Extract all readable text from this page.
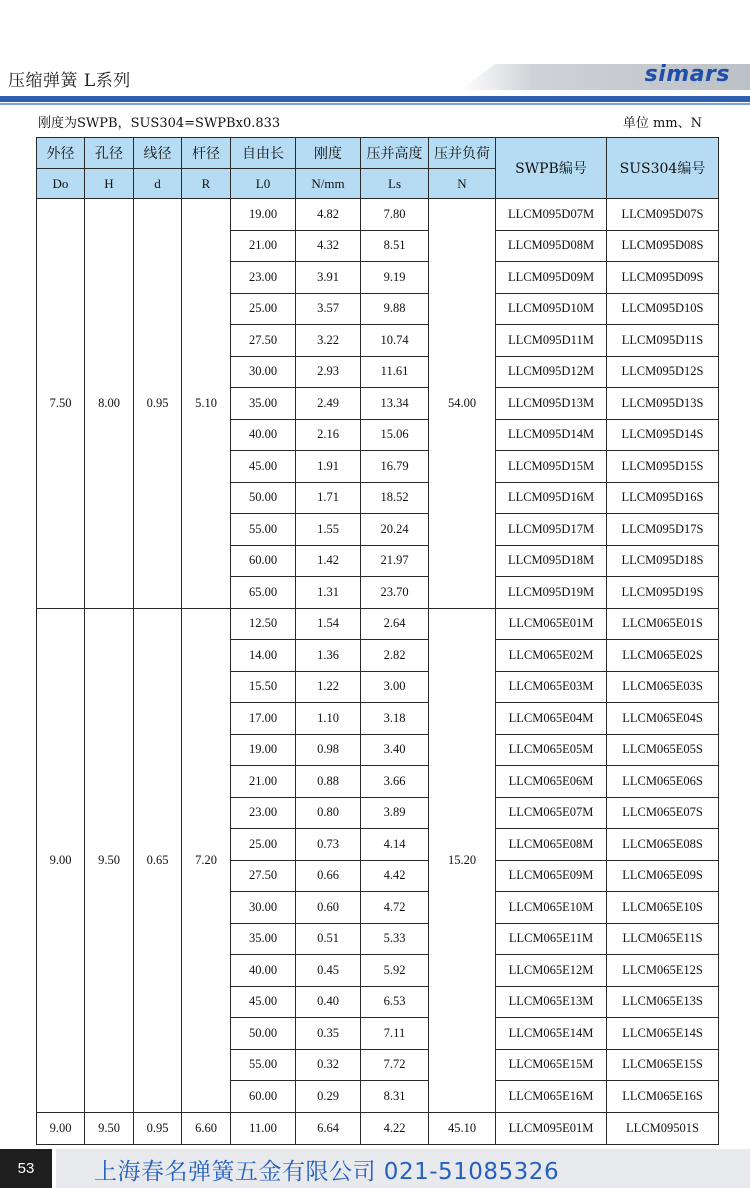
压缩弹簧 L系列	simars
刚度为SWPB，SUS304=SWPBx0.833	单位 mm、N
外径	孔径	线径	杆径	自由长	刚度	压并高度	压并负荷	SWPB编号	SUS304编号
Do	H	d	R	L0	N/mm	Ls	N		
7.50	8.00	0.95	5.10	19.00	4.82	7.80	54.00	LLCM095D07M	LLCM095D07S
				21.00	4.32	8.51		LLCM095D08M	LLCM095D08S
				23.00	3.91	9.19		LLCM095D09M	LLCM095D09S
				25.00	3.57	9.88		LLCM095D10M	LLCM095D10S
				27.50	3.22	10.74		LLCM095D11M	LLCM095D11S
				30.00	2.93	11.61		LLCM095D12M	LLCM095D12S
				35.00	2.49	13.34		LLCM095D13M	LLCM095D13S
				40.00	2.16	15.06		LLCM095D14M	LLCM095D14S
				45.00	1.91	16.79		LLCM095D15M	LLCM095D15S
				50.00	1.71	18.52		LLCM095D16M	LLCM095D16S
				55.00	1.55	20.24		LLCM095D17M	LLCM095D17S
				60.00	1.42	21.97		LLCM095D18M	LLCM095D18S
				65.00	1.31	23.70		LLCM095D19M	LLCM095D19S
9.00	9.50	0.65	7.20	12.50	1.54	2.64	15.20	LLCM065E01M	LLCM065E01S
				14.00	1.36	2.82		LLCM065E02M	LLCM065E02S
				15.50	1.22	3.00		LLCM065E03M	LLCM065E03S
				17.00	1.10	3.18		LLCM065E04M	LLCM065E04S
				19.00	0.98	3.40		LLCM065E05M	LLCM065E05S
				21.00	0.88	3.66		LLCM065E06M	LLCM065E06S
				23.00	0.80	3.89		LLCM065E07M	LLCM065E07S
				25.00	0.73	4.14		LLCM065E08M	LLCM065E08S
				27.50	0.66	4.42		LLCM065E09M	LLCM065E09S
				30.00	0.60	4.72		LLCM065E10M	LLCM065E10S
				35.00	0.51	5.33		LLCM065E11M	LLCM065E11S
				40.00	0.45	5.92		LLCM065E12M	LLCM065E12S
				45.00	0.40	6.53		LLCM065E13M	LLCM065E13S
				50.00	0.35	7.11		LLCM065E14M	LLCM065E14S
				55.00	0.32	7.72		LLCM065E15M	LLCM065E15S
				60.00	0.29	8.31		LLCM065E16M	LLCM065E16S
9.00	9.50	0.95	6.60	11.00	6.64	4.22	45.10	LLCM095E01M	LLCM09501S
53	上海春名弹簧五金有限公司 021-51085326
